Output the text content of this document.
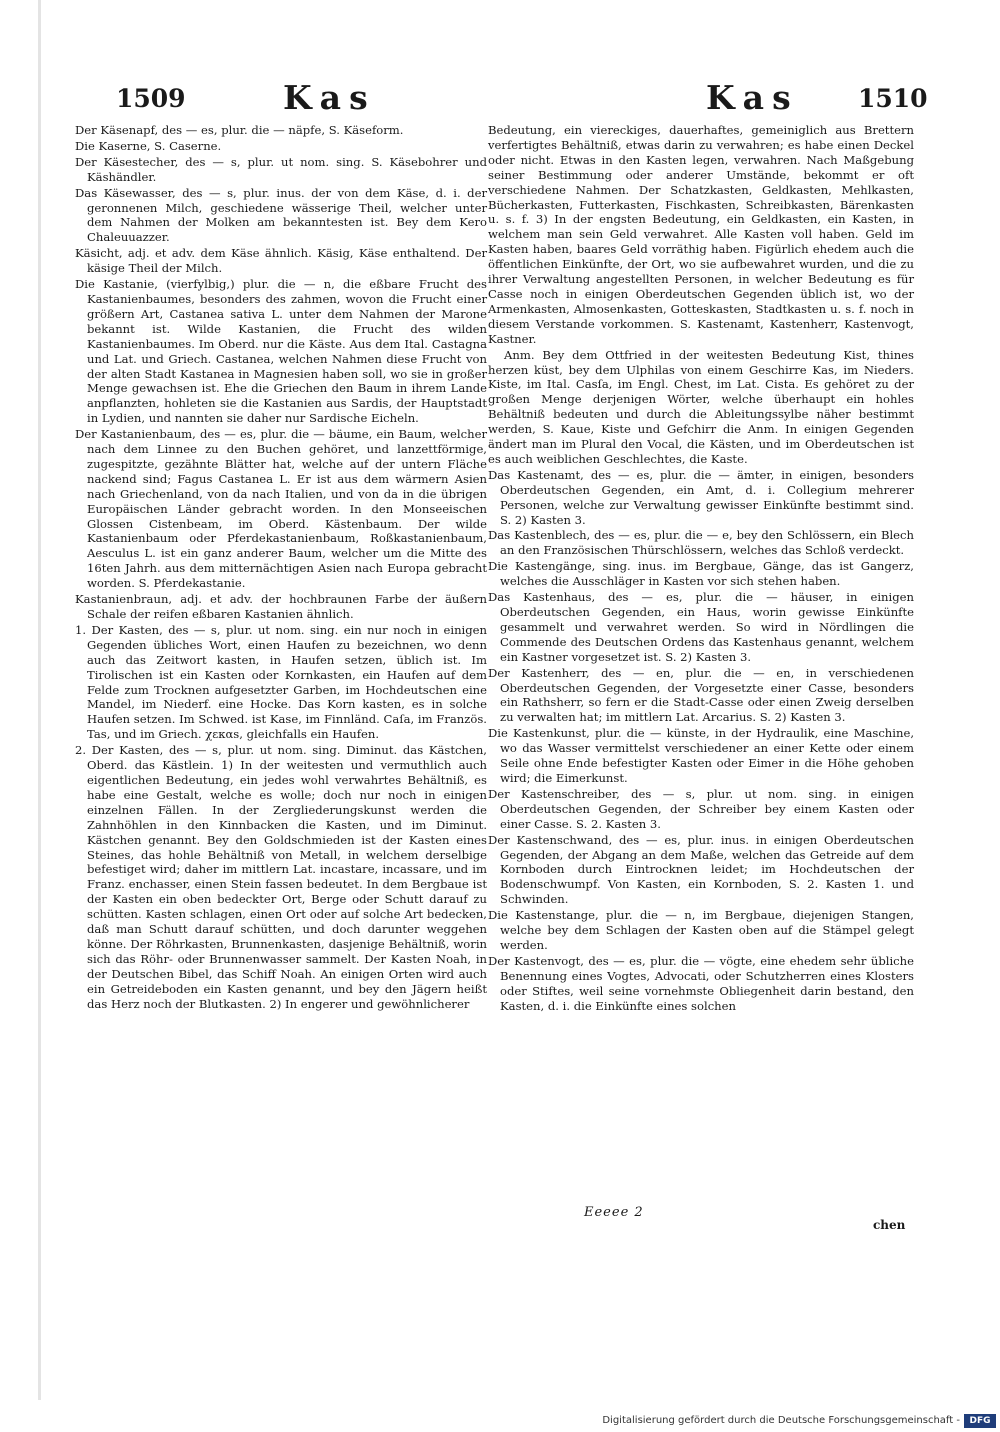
1509	Kas	Kas 1510

Der Käsenapf, des — es, plur. die — näpfe, S. Käseform.

Die Kaserne, S. Caserne.

Der Käsestecher, des — s, plur. ut nom. sing. S. Käsebohrer und Käshändler.

Das Käsewasser, des — s, plur. inus. der von dem Käse, d. i. der geronnenen Milch, geschiedene wässerige Theil, welcher unter dem Nahmen der Molken am bekanntesten ist. Bey dem Kero Chaleuuazzer.

Käsicht, adj. et adv. dem Käse ähnlich. Käsig, Käse enthaltend. Der käsige Theil der Milch.

Die Kastanie, (vierfylbig,) plur. die — n, die eßbare Frucht des Kastanienbaumes, besonders des zahmen, wovon die Frucht einer größern Art, Castanea sativa L. unter dem Nahmen der Marone bekannt ist. Wilde Kastanien, die Frucht des wilden Kastanienbaumes. Im Oberd. nur die Käste. Aus dem Ital. Castagna und Lat. und Griech. Castanea, welchen Nahmen diese Frucht von der alten Stadt Kastanea in Magnesien haben soll, wo sie in großer Menge gewachsen ist. Ehe die Griechen den Baum in ihrem Lande anpflanzten, hohleten sie die Kastanien aus Sardis, der Hauptstadt in Lydien, und nannten sie daher nur Sardische Eicheln.

Der Kastanienbaum, des — es, plur. die — bäume, ein Baum, welcher nach dem Linnee zu den Buchen gehöret, und lanzettförmige, zugespitzte, gezähnte Blätter hat, welche auf der untern Fläche nackend sind; Fagus Castanea L. Er ist aus dem wärmern Asien nach Griechenland, von da nach Italien, und von da in die übrigen Europäischen Länder gebracht worden. In den Monseeischen Glossen Cistenbeam, im Oberd. Kästenbaum. Der wilde Kastanienbaum oder Pferdekastanienbaum, Roßkastanienbaum, Aesculus L. ist ein ganz anderer Baum, welcher um die Mitte des 16ten Jahrh. aus dem mitternächtigen Asien nach Europa gebracht worden. S. Pferdekastanie.

Kastanienbraun, adj. et adv. der hochbraunen Farbe der äußern Schale der reifen eßbaren Kastanien ähnlich.

1. Der Kasten, des — s, plur. ut nom. sing. ein nur noch in einigen Gegenden übliches Wort, einen Haufen zu bezeichnen, wo denn auch das Zeitwort kasten, in Haufen setzen, üblich ist. Im Tirolischen ist ein Kasten oder Kornkasten, ein Haufen auf dem Felde zum Trocknen aufgesetzter Garben, im Hochdeutschen eine Mandel, im Niederf. eine Hocke. Das Korn kasten, es in solche Haufen setzen. Im Schwed. ist Kase, im Finnländ. Caſa, im Französ. Tas, und im Griech. χεκαs, gleichfalls ein Haufen.

2. Der Kasten, des — s, plur. ut nom. sing. Diminut. das Kästchen, Oberd. das Kästlein. 1) In der weitesten und vermuthlich auch eigentlichen Bedeutung, ein jedes wohl verwahrtes Behältniß, es habe eine Gestalt, welche es wolle; doch nur noch in einigen einzelnen Fällen. In der Zergliederungskunst werden die Zahnhöhlen in den Kinnbacken die Kasten, und im Diminut. Kästchen genannt. Bey den Goldschmieden ist der Kasten eines Steines, das hohle Behältniß von Metall, in welchem derselbige befestiget wird; daher im mittlern Lat. incastare, incassare, und im Franz. enchasser, einen Stein fassen bedeutet. In dem Bergbaue ist der Kasten ein oben bedeckter Ort, Berge oder Schutt darauf zu schütten. Kasten schlagen, einen Ort oder auf solche Art bedecken, daß man Schutt darauf schütten, und doch darunter weggehen könne. Der Röhrkasten, Brunnenkasten, dasjenige Behältniß, worin sich das Röhr- oder Brunnenwasser sammelt. Der Kasten Noah, in der Deutschen Bibel, das Schiff Noah. An einigen Orten wird auch ein Getreideboden ein Kasten genannt, und bey den Jägern heißt das Herz noch der Blutkasten. 2) In engerer und gewöhnlicherer

Bedeutung, ein viereckiges, dauerhaftes, gemeiniglich aus Brettern verfertigtes Behältniß, etwas darin zu verwahren; es habe einen Deckel oder nicht. Etwas in den Kasten legen, verwahren. Nach Maßgebung seiner Bestimmung oder anderer Umstände, bekommt er oft verschiedene Nahmen. Der Schatzkasten, Geldkasten, Mehlkasten, Bücherkasten, Futterkasten, Fischkasten, Schreibkasten, Bärenkasten u. s. f. 3) In der engsten Bedeutung, ein Geldkasten, ein Kasten, in welchem man sein Geld verwahret. Alle Kasten voll haben. Geld im Kasten haben, baares Geld vorräthig haben. Figürlich ehedem auch die öffentlichen Einkünfte, der Ort, wo sie aufbewahret wurden, und die zu ihrer Verwaltung angestellten Personen, in welcher Bedeutung es für Casse noch in einigen Oberdeutschen Gegenden üblich ist, wo der Armenkasten, Almosenkasten, Gotteskasten, Stadtkasten u. s. f. noch in diesem Verstande vorkommen. S. Kastenamt, Kastenherr, Kastenvogt, Kastner.

Anm. Bey dem Ottfried in der weitesten Bedeutung Kist, thines herzen küst, bey dem Ulphilas von einem Geschirre Kas, im Nieders. Kiste, im Ital. Casſa, im Engl. Chest, im Lat. Cista. Es gehöret zu der großen Menge derjenigen Wörter, welche überhaupt ein hohles Behältniß bedeuten und durch die Ableitungssylbe näher bestimmt werden, S. Kaue, Kiste und Gefchirr die Anm. In einigen Gegenden ändert man im Plural den Vocal, die Kästen, und im Oberdeutschen ist es auch weiblichen Geschlechtes, die Kaste.

Das Kastenamt, des — es, plur. die — ämter, in einigen, besonders Oberdeutschen Gegenden, ein Amt, d. i. Collegium mehrerer Personen, welche zur Verwaltung gewisser Einkünfte bestimmt sind. S. 2) Kasten 3.

Das Kastenblech, des — es, plur. die — e, bey den Schlössern, ein Blech an den Französischen Thürschlössern, welches das Schloß verdeckt.

Die Kastengänge, sing. inus. im Bergbaue, Gänge, das ist Gangerz, welches die Ausschläger in Kasten vor sich stehen haben.

Das Kastenhaus, des — es, plur. die — häuser, in einigen Oberdeutschen Gegenden, ein Haus, worin gewisse Einkünfte gesammelt und verwahret werden. So wird in Nördlingen die Commende des Deutschen Ordens das Kastenhaus genannt, welchem ein Kastner vorgesetzet ist. S. 2) Kasten 3.

Der Kastenherr, des — en, plur. die — en, in verschiedenen Oberdeutschen Gegenden, der Vorgesetzte einer Casse, besonders ein Rathsherr, so fern er die Stadt-Casse oder einen Zweig derselben zu verwalten hat; im mittlern Lat. Arcarius. S. 2) Kasten 3.

Die Kastenkunst, plur. die — künste, in der Hydraulik, eine Maschine, wo das Wasser vermittelst verschiedener an einer Kette oder einem Seile ohne Ende befestigter Kasten oder Eimer in die Höhe gehoben wird; die Eimerkunst.

Der Kastenschreiber, des — s, plur. ut nom. sing. in einigen Oberdeutschen Gegenden, der Schreiber bey einem Kasten oder einer Casse. S. 2. Kasten 3.

Der Kastenschwand, des — es, plur. inus. in einigen Oberdeutschen Gegenden, der Abgang an dem Maße, welchen das Getreide auf dem Kornboden durch Eintrocknen leidet; im Hochdeutschen der Bodenschwumpf. Von Kasten, ein Kornboden, S. 2. Kasten 1. und Schwinden.

Die Kastenstange, plur. die — n, im Bergbaue, diejenigen Stangen, welche bey dem Schlagen der Kasten oben auf die Stämpel gelegt werden.

Der Kastenvogt, des — es, plur. die — vögte, eine ehedem sehr übliche Benennung eines Vogtes, Advocati, oder Schutzherren eines Klosters oder Stiftes, weil seine vornehmste Obliegenheit darin bestand, den Kasten, d. i. die Einkünfte eines solchen

Eeeee 2
chen
Digitalisierung gefördert durch die Deutsche Forschungsgemeinschaft -	DFG
